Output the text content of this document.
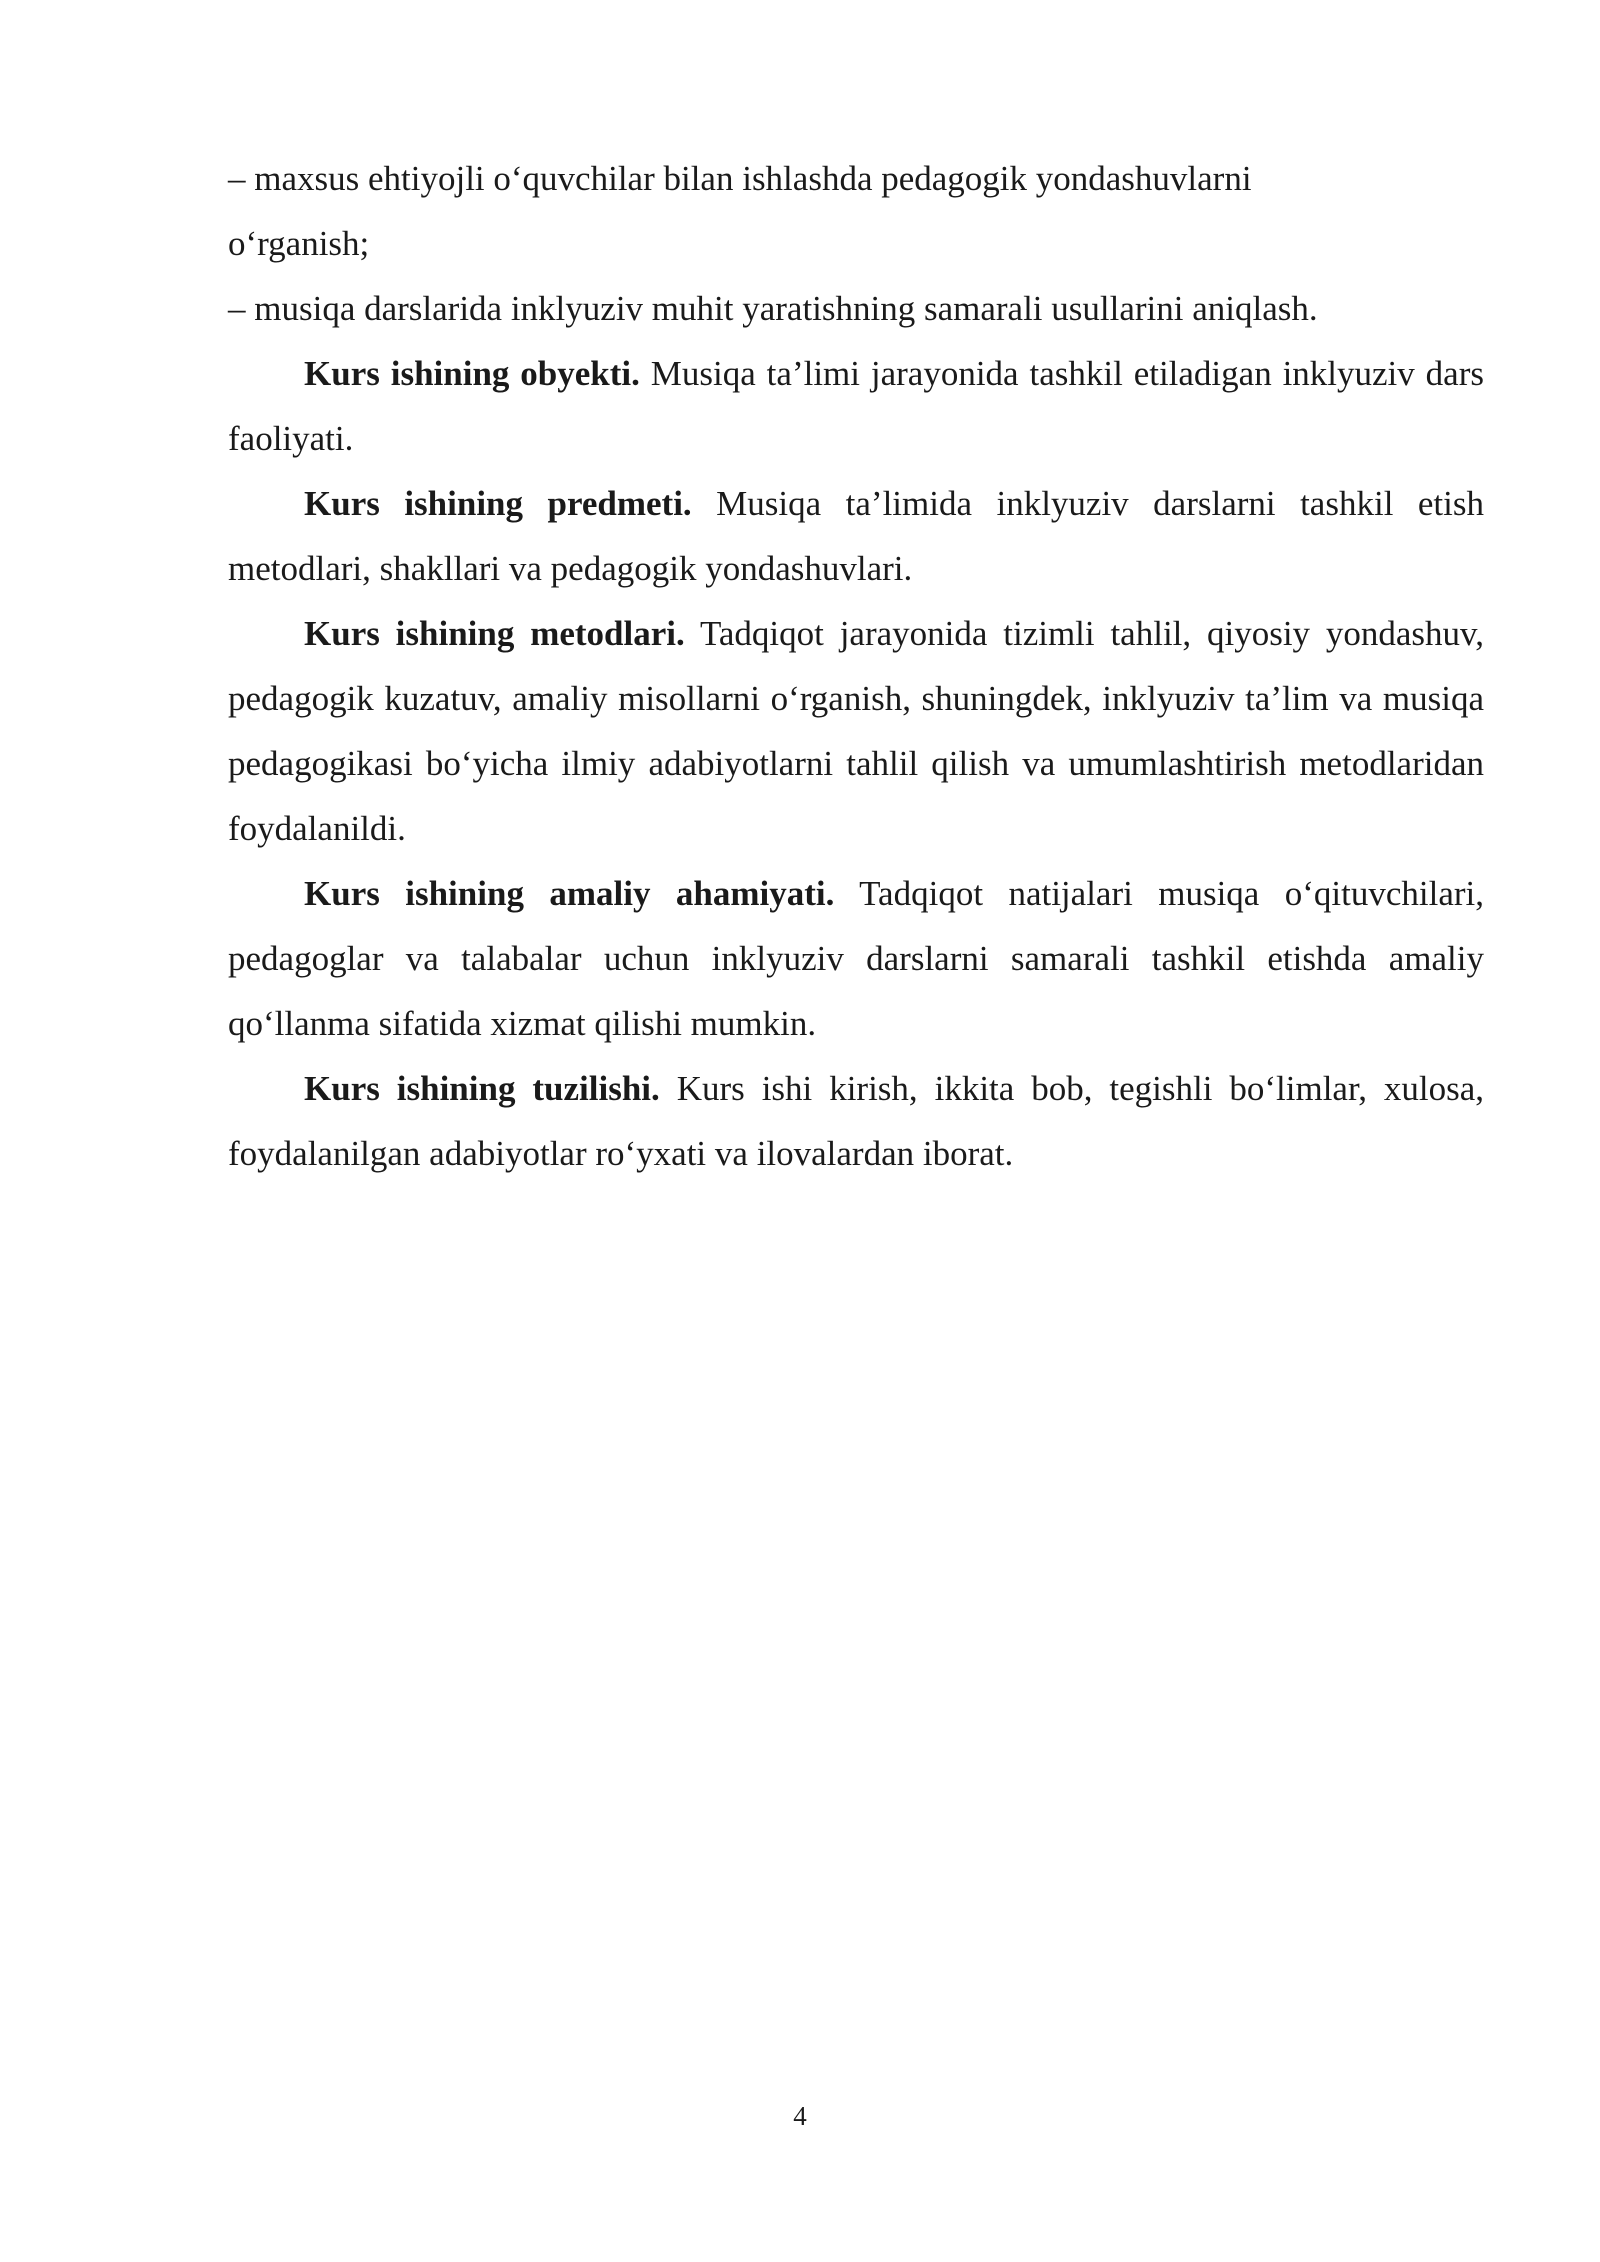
– maxsus ehtiyojli o‘quvchilar bilan ishlashda pedagogik yondashuvlarni

o‘rganish;

– musiqa darslarida inklyuziv muhit yaratishning samarali usullarini aniqlash.

Kurs ishining obyekti. Musiqa ta’limi jarayonida tashkil etiladigan inklyuziv dars faoliyati.

Kurs ishining predmeti. Musiqa ta’limida inklyuziv darslarni tashkil etish metodlari, shakllari va pedagogik yondashuvlari.

Kurs ishining metodlari. Tadqiqot jarayonida tizimli tahlil, qiyosiy yondashuv, pedagogik kuzatuv, amaliy misollarni o‘rganish, shuningdek, inklyuziv ta’lim va musiqa pedagogikasi bo‘yicha ilmiy adabiyotlarni tahlil qilish va umumlashtirish metodlaridan foydalanildi.

Kurs ishining amaliy ahamiyati. Tadqiqot natijalari musiqa o‘qituvchilari, pedagoglar va talabalar uchun inklyuziv darslarni samarali tashkil etishda amaliy qo‘llanma sifatida xizmat qilishi mumkin.

Kurs ishining tuzilishi. Kurs ishi kirish, ikkita bob, tegishli bo‘limlar, xulosa, foydalanilgan adabiyotlar ro‘yxati va ilovalardan iborat.

4
